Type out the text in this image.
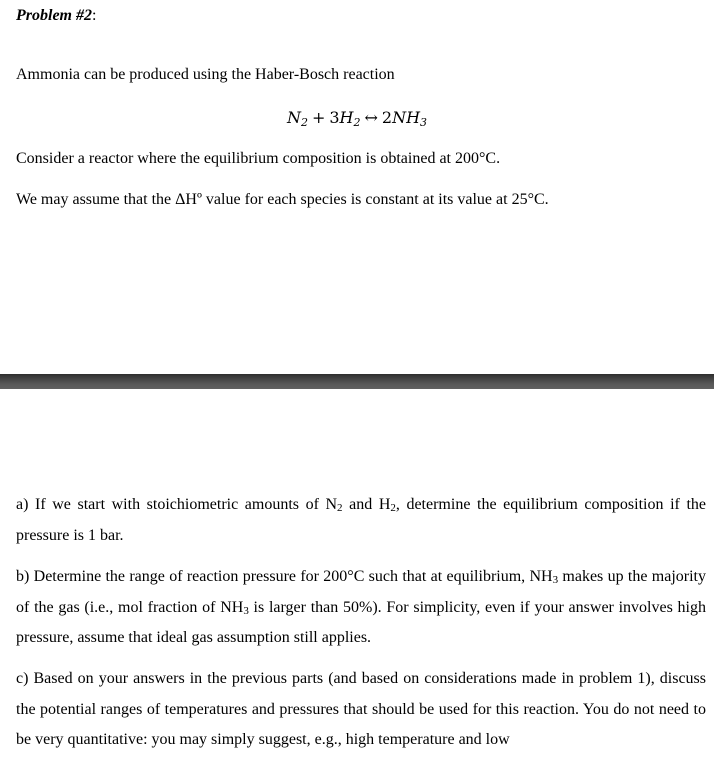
Problem #2:
Ammonia can be produced using the Haber-Bosch reaction
$N_2 + 3H_2$ ↔ $2NH_3$
Consider a reactor where the equilibrium composition is obtained at 200°C.
We may assume that the ΔHº value for each species is constant at its value at 25°C.
a) If we start with stoichiometric amounts of $N_2$ and $H_2$, determine the equilibrium composition if the pressure is 1 bar.
b) Determine the range of reaction pressure for 200°C such that at equilibrium, $NH_3$ makes up the majority of the gas (i.e., mol fraction of $NH_3$ is larger than 50%). For simplicity, even if your answer involves high pressure, assume that ideal gas assumption still applies.
c) Based on your answers in the previous parts (and based on considerations made in problem 1), discuss the potential ranges of temperatures and pressures that should be used for this reaction. You do not need to be very quantitative: you may simply suggest, e.g., high temperature and low
